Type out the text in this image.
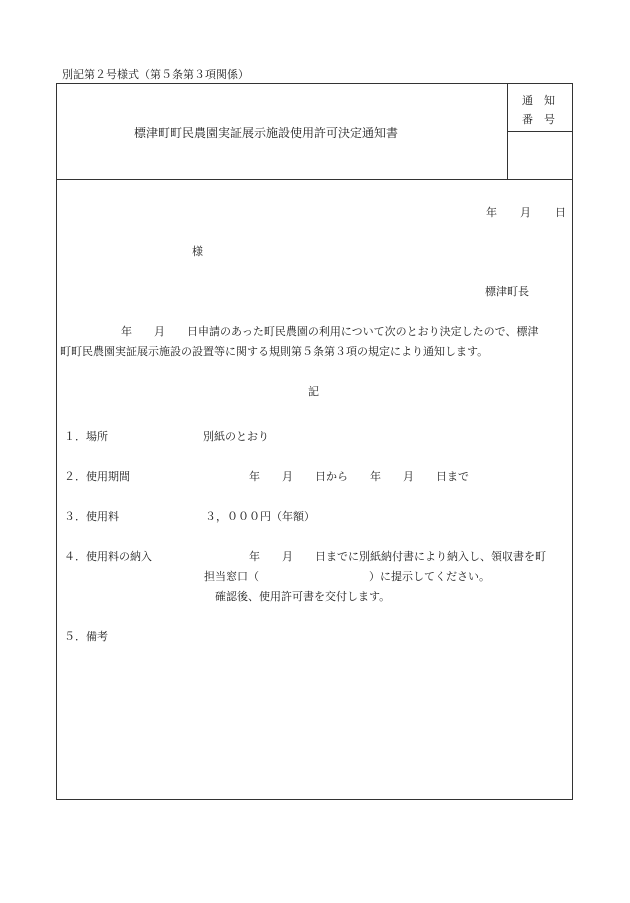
別記第２号様式（第５条第３項関係）
標津町町民農園実証展示施設使用許可決定通知書
通　知
番　号
年 月 日
様
標津町長
年　　月　　日申請のあった町民農園の利用について次のとおり決定したので、標津
町町民農園実証展示施設の設置等に関する規則第５条第３項の規定により通知します。
記
１．場所	別紙のとおり
２．使用期間	年　　月　　日から　　年　　月　　日まで
３．使用料	３，０００円（年額）
４．使用料の納入	年　　月　　日までに別紙納付書により納入し、領収書を町
担当窓口（　　　　　　　　　　）に提示してください。
確認後、使用許可書を交付します。
５．備考
